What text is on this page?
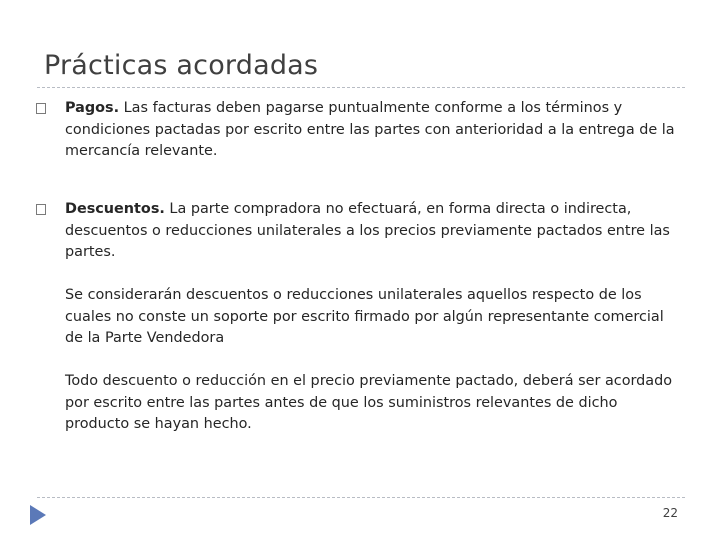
Prácticas acordadas
Pagos. Las facturas deben pagarse puntualmente conforme a los términos y condiciones pactadas por escrito entre las partes con anterioridad a la entrega de la mercancía relevante.
Descuentos. La parte compradora no efectuará, en forma directa o indirecta, descuentos o reducciones unilaterales a los precios previamente pactados entre las partes.
Se considerarán descuentos o reducciones unilaterales aquellos respecto de los cuales no conste un soporte por escrito firmado por algún representante comercial de la Parte Vendedora
Todo descuento o reducción en el precio previamente pactado, deberá ser acordado por escrito entre las partes antes de que los suministros relevantes de dicho producto se hayan hecho.
22
